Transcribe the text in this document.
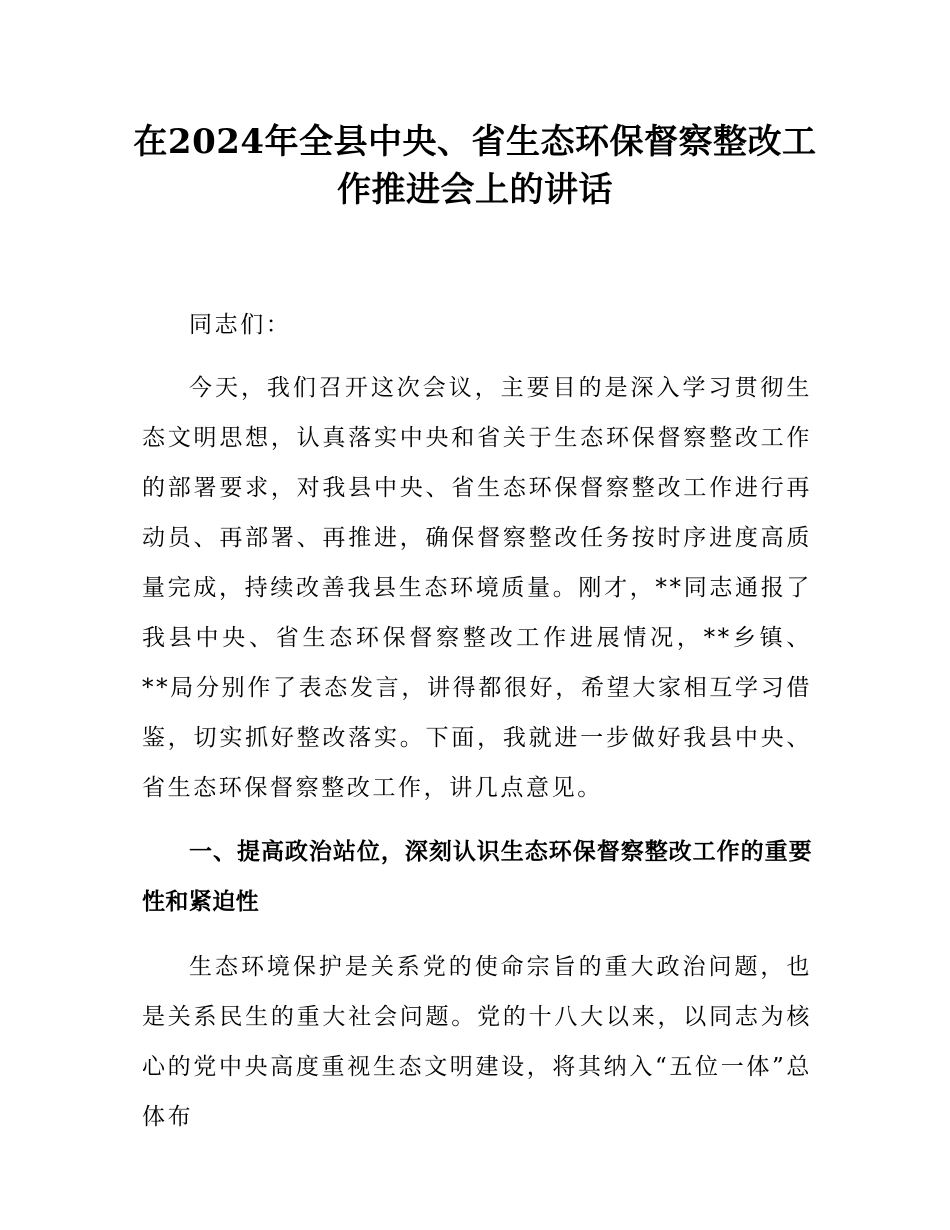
在2024年全县中央、省生态环保督察整改工
作推进会上的讲话

同志们：

今天，我们召开这次会议，主要目的是深入学习贯彻生态文明思想，认真落实中央和省关于生态环保督察整改工作的部署要求，对我县中央、省生态环保督察整改工作进行再动员、再部署、再推进，确保督察整改任务按时序进度高质量完成，持续改善我县生态环境质量。刚才，**同志通报了我县中央、省生态环保督察整改工作进展情况，**乡镇、**局分别作了表态发言，讲得都很好，希望大家相互学习借鉴，切实抓好整改落实。下面，我就进一步做好我县中央、省生态环保督察整改工作，讲几点意见。

一、提高政治站位，深刻认识生态环保督察整改工作的重要性和紧迫性

生态环境保护是关系党的使命宗旨的重大政治问题，也是关系民生的重大社会问题。党的十八大以来，以同志为核心的党中央高度重视生态文明建设，将其纳入“五位一体”总体布
